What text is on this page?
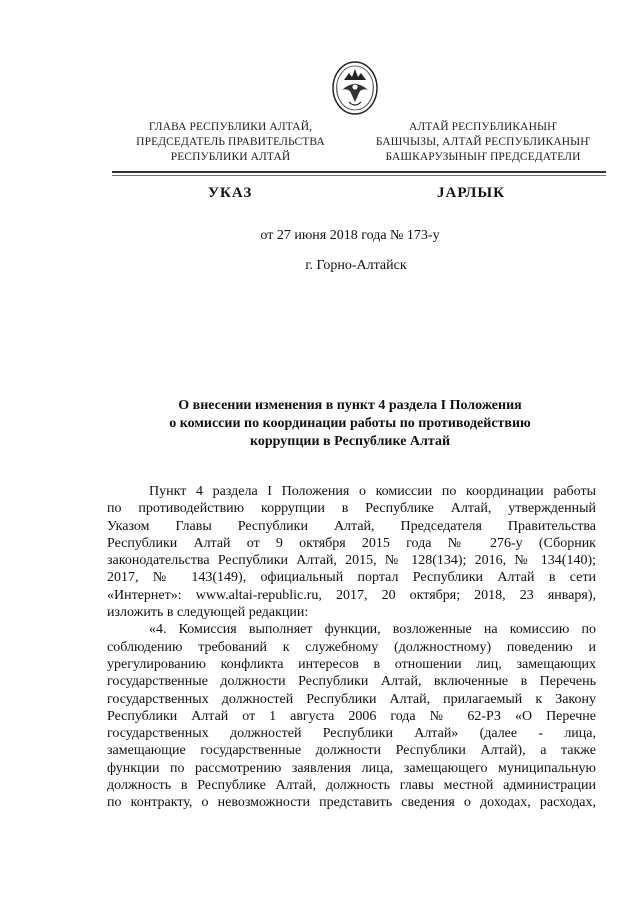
ГЛАВА РЕСПУБЛИКИ АЛТАЙ,
ПРЕДСЕДАТЕЛЬ ПРАВИТЕЛЬСТВА
РЕСПУБЛИКИ АЛТАЙ
АЛТАЙ РЕСПУБЛИКАНЫҤ
БАШЧЫЗЫ, АЛТАЙ РЕСПУБЛИКАНЫҤ
БАШКАРУЗЫНЫҤ ПРЕДСЕДАТЕЛИ
УКАЗ	ЈАРЛЫК
от 27 июня 2018 года № 173-у
г. Горно-Алтайск
О внесении изменения в пункт 4 раздела I Положения
о комиссии по координации работы по противодействию
коррупции в Республике Алтай
Пункт 4 раздела I Положения о комиссии по координации работы
по противодействию коррупции в Республике Алтай, утвержденный
Указом Главы Республики Алтай, Председателя Правительства
Республики Алтай от 9 октября 2015 года № 276-у (Сборник
законодательства Республики Алтай, 2015, № 128(134); 2016, № 134(140);
2017, № 143(149), официальный портал Республики Алтай в сети
«Интернет»: www.altai-republic.ru, 2017, 20 октября; 2018, 23 января),
изложить в следующей редакции:
«4. Комиссия выполняет функции, возложенные на комиссию по
соблюдению требований к служебному (должностному) поведению и
урегулированию конфликта интересов в отношении лиц, замещающих
государственные должности Республики Алтай, включенные в Перечень
государственных должностей Республики Алтай, прилагаемый к Закону
Республики Алтай от 1 августа 2006 года № 62-РЗ «О Перечне
государственных должностей Республики Алтай» (далее - лица,
замещающие государственные должности Республики Алтай), а также
функции по рассмотрению заявления лица, замещающего муниципальную
должность в Республике Алтай, должность главы местной администрации
по контракту, о невозможности представить сведения о доходах, расходах,
